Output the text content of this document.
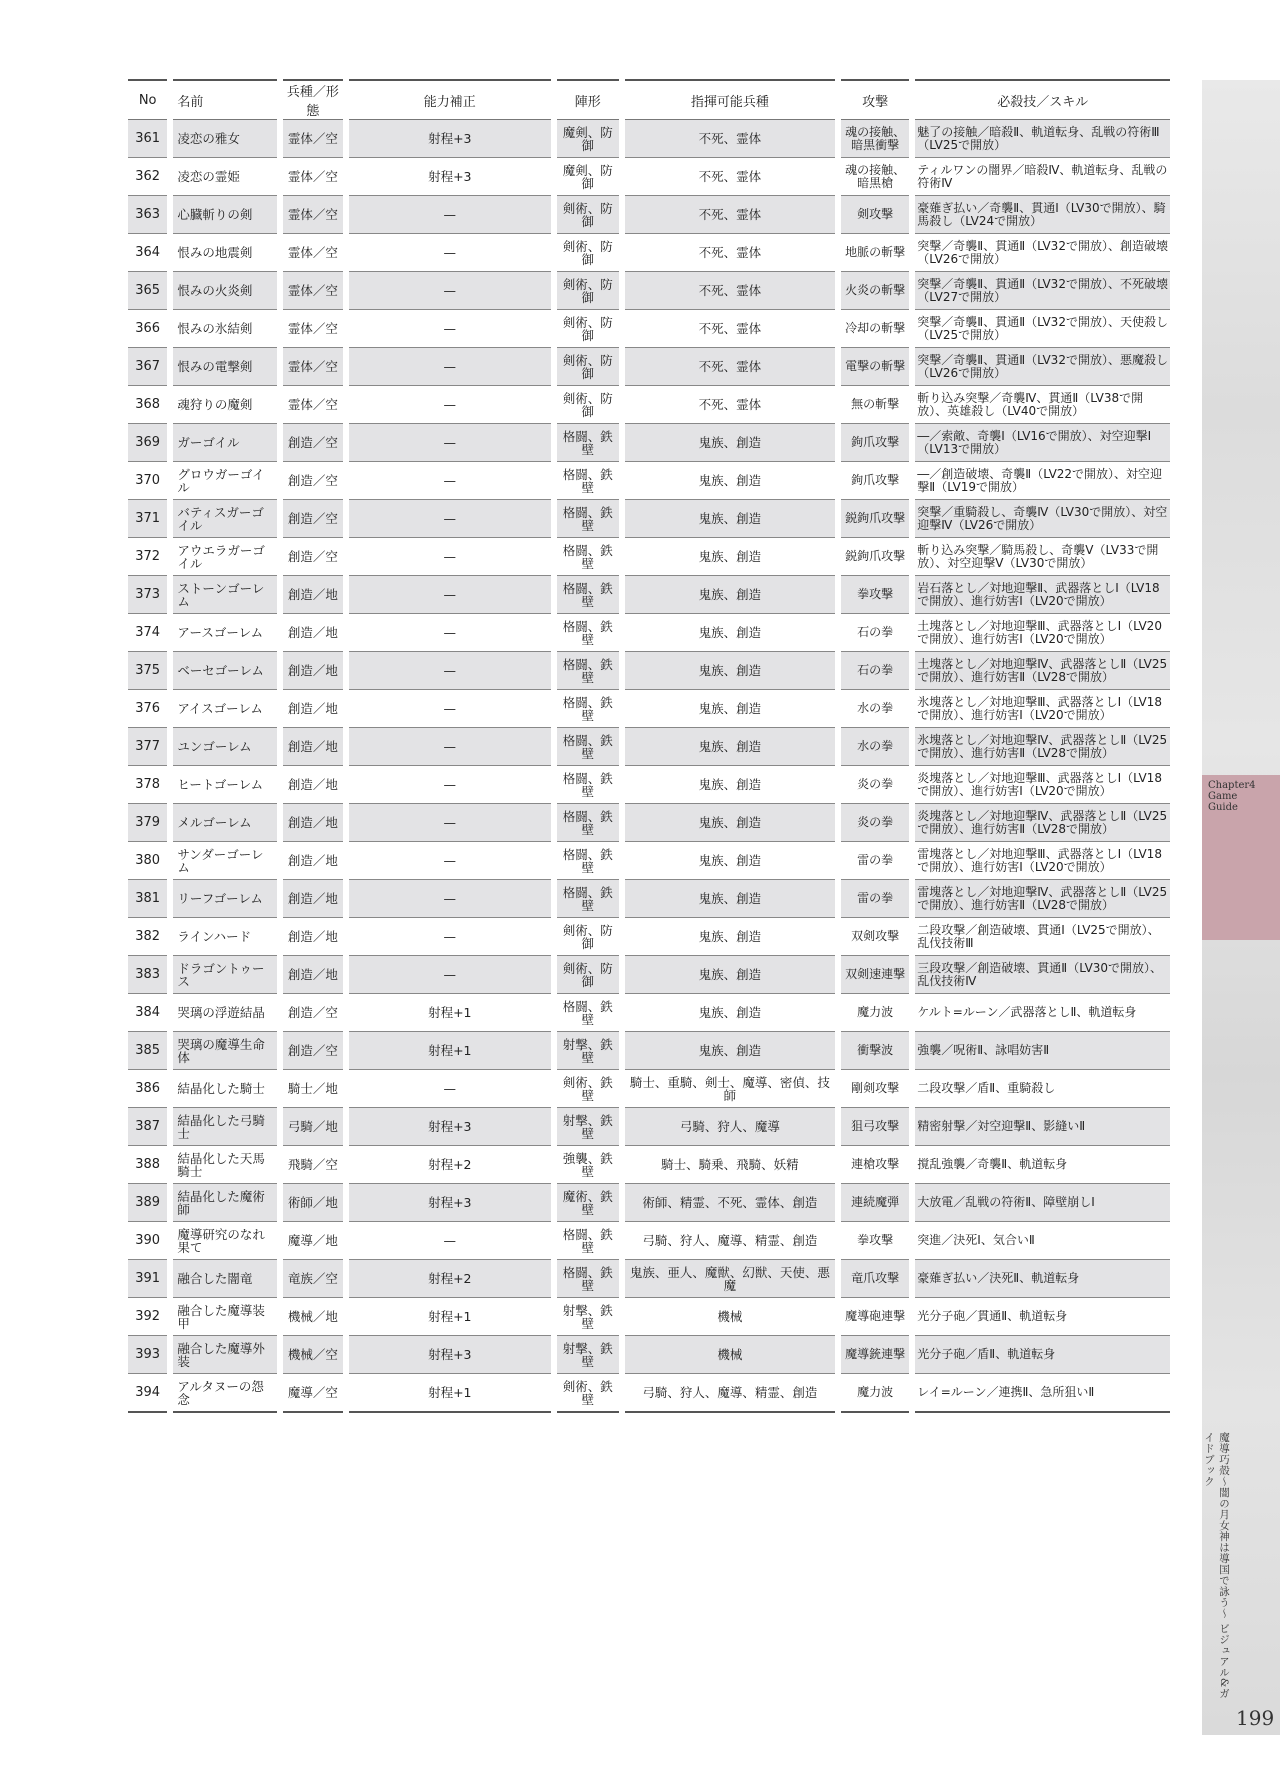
No	名前	兵種／形態	能力補正	陣形	指揮可能兵種	攻撃	必殺技／スキル
361	凌恋の雅女	霊体／空	射程+3	魔剣、防御	不死、霊体	魂の接触、暗黒衝撃	魅了の接触／暗殺Ⅱ、軌道転身、乱戦の符術Ⅲ（LV25で開放）
362	凌恋の霊姫	霊体／空	射程+3	魔剣、防御	不死、霊体	魂の接触、暗黒槍	ティルワンの闇界／暗殺Ⅳ、軌道転身、乱戦の符術Ⅳ
363	心臓斬りの剣	霊体／空	—	剣術、防御	不死、霊体	剣攻撃	豪薙ぎ払い／奇襲Ⅱ、貫通Ⅰ（LV30で開放）、騎馬殺し（LV24で開放）
364	恨みの地震剣	霊体／空	—	剣術、防御	不死、霊体	地脈の斬撃	突撃／奇襲Ⅱ、貫通Ⅱ（LV32で開放）、創造破壊（LV26で開放）
365	恨みの火炎剣	霊体／空	—	剣術、防御	不死、霊体	火炎の斬撃	突撃／奇襲Ⅱ、貫通Ⅱ（LV32で開放）、不死破壊（LV27で開放）
366	恨みの氷結剣	霊体／空	—	剣術、防御	不死、霊体	冷却の斬撃	突撃／奇襲Ⅱ、貫通Ⅱ（LV32で開放）、天使殺し（LV25で開放）
367	恨みの電撃剣	霊体／空	—	剣術、防御	不死、霊体	電撃の斬撃	突撃／奇襲Ⅱ、貫通Ⅱ（LV32で開放）、悪魔殺し（LV26で開放）
368	魂狩りの魔剣	霊体／空	—	剣術、防御	不死、霊体	無の斬撃	斬り込み突撃／奇襲Ⅳ、貫通Ⅱ（LV38で開放）、英雄殺し（LV40で開放）
369	ガーゴイル	創造／空	—	格闘、鉄壁	鬼族、創造	鉤爪攻撃	―／索敵、奇襲Ⅰ（LV16で開放）、対空迎撃Ⅰ（LV13で開放）
370	グロウガーゴイル	創造／空	—	格闘、鉄壁	鬼族、創造	鉤爪攻撃	―／創造破壊、奇襲Ⅱ（LV22で開放）、対空迎撃Ⅱ（LV19で開放）
371	バティスガーゴイル	創造／空	—	格闘、鉄壁	鬼族、創造	鋭鉤爪攻撃	突撃／重騎殺し、奇襲Ⅳ（LV30で開放）、対空迎撃Ⅳ（LV26で開放）
372	アウエラガーゴイル	創造／空	—	格闘、鉄壁	鬼族、創造	鋭鉤爪攻撃	斬り込み突撃／騎馬殺し、奇襲Ⅴ（LV33で開放）、対空迎撃Ⅴ（LV30で開放）
373	ストーンゴーレム	創造／地	—	格闘、鉄壁	鬼族、創造	拳攻撃	岩石落とし／対地迎撃Ⅱ、武器落としⅠ（LV18で開放）、進行妨害Ⅰ（LV20で開放）
374	アースゴーレム	創造／地	—	格闘、鉄壁	鬼族、創造	石の拳	土塊落とし／対地迎撃Ⅲ、武器落としⅠ（LV20で開放）、進行妨害Ⅰ（LV20で開放）
375	ベーセゴーレム	創造／地	—	格闘、鉄壁	鬼族、創造	石の拳	土塊落とし／対地迎撃Ⅳ、武器落としⅡ（LV25で開放）、進行妨害Ⅱ（LV28で開放）
376	アイスゴーレム	創造／地	—	格闘、鉄壁	鬼族、創造	水の拳	氷塊落とし／対地迎撃Ⅲ、武器落としⅠ（LV18で開放）、進行妨害Ⅰ（LV20で開放）
377	ユンゴーレム	創造／地	—	格闘、鉄壁	鬼族、創造	水の拳	氷塊落とし／対地迎撃Ⅳ、武器落としⅡ（LV25で開放）、進行妨害Ⅱ（LV28で開放）
378	ヒートゴーレム	創造／地	—	格闘、鉄壁	鬼族、創造	炎の拳	炎塊落とし／対地迎撃Ⅲ、武器落としⅠ（LV18で開放）、進行妨害Ⅰ（LV20で開放）
379	メルゴーレム	創造／地	—	格闘、鉄壁	鬼族、創造	炎の拳	炎塊落とし／対地迎撃Ⅳ、武器落としⅡ（LV25で開放）、進行妨害Ⅱ（LV28で開放）
380	サンダーゴーレム	創造／地	—	格闘、鉄壁	鬼族、創造	雷の拳	雷塊落とし／対地迎撃Ⅲ、武器落としⅠ（LV18で開放）、進行妨害Ⅰ（LV20で開放）
381	リーフゴーレム	創造／地	—	格闘、鉄壁	鬼族、創造	雷の拳	雷塊落とし／対地迎撃Ⅳ、武器落としⅡ（LV25で開放）、進行妨害Ⅱ（LV28で開放）
382	ラインハード	創造／地	—	剣術、防御	鬼族、創造	双剣攻撃	二段攻撃／創造破壊、貫通Ⅰ（LV25で開放）、乱伐技術Ⅲ
383	ドラゴントゥース	創造／地	—	剣術、防御	鬼族、創造	双剣速連撃	三段攻撃／創造破壊、貫通Ⅱ（LV30で開放）、乱伐技術Ⅳ
384	哭璃の浮遊結晶	創造／空	射程+1	格闘、鉄壁	鬼族、創造	魔力波	ケルト=ルーン／武器落としⅡ、軌道転身
385	哭璃の魔導生命体	創造／空	射程+1	射撃、鉄壁	鬼族、創造	衝撃波	強襲／呪術Ⅱ、詠唱妨害Ⅱ
386	結晶化した騎士	騎士／地	—	剣術、鉄壁	騎士、重騎、剣士、魔導、密偵、技師	剛剣攻撃	二段攻撃／盾Ⅱ、重騎殺し
387	結晶化した弓騎士	弓騎／地	射程+3	射撃、鉄壁	弓騎、狩人、魔導	狙弓攻撃	精密射撃／対空迎撃Ⅱ、影縫いⅡ
388	結晶化した天馬騎士	飛騎／空	射程+2	強襲、鉄壁	騎士、騎乗、飛騎、妖精	連槍攻撃	撹乱強襲／奇襲Ⅱ、軌道転身
389	結晶化した魔術師	術師／地	射程+3	魔術、鉄壁	術師、精霊、不死、霊体、創造	連続魔弾	大放電／乱戦の符術Ⅱ、障壁崩しⅠ
390	魔導研究のなれ果て	魔導／地	—	格闘、鉄壁	弓騎、狩人、魔導、精霊、創造	拳攻撃	突進／決死Ⅰ、気合いⅡ
391	融合した闇竜	竜族／空	射程+2	格闘、鉄壁	鬼族、亜人、魔獣、幻獣、天使、悪魔	竜爪攻撃	豪薙ぎ払い／決死Ⅱ、軌道転身
392	融合した魔導装甲	機械／地	射程+1	射撃、鉄壁	機械	魔導砲連撃	光分子砲／貫通Ⅱ、軌道転身
393	融合した魔導外装	機械／空	射程+3	射撃、鉄壁	機械	魔導銃連撃	光分子砲／盾Ⅱ、軌道転身
394	アルタヌーの怨念	魔導／空	射程+1	剣術、鉄壁	弓騎、狩人、魔導、精霊、創造	魔力波	レイ=ルーン／連携Ⅱ、急所狙いⅡ
Chapter4
Game
Guide
魔導巧殻～闇の月女神は導国で詠う～ ビジュアル&ガイドブック
199
